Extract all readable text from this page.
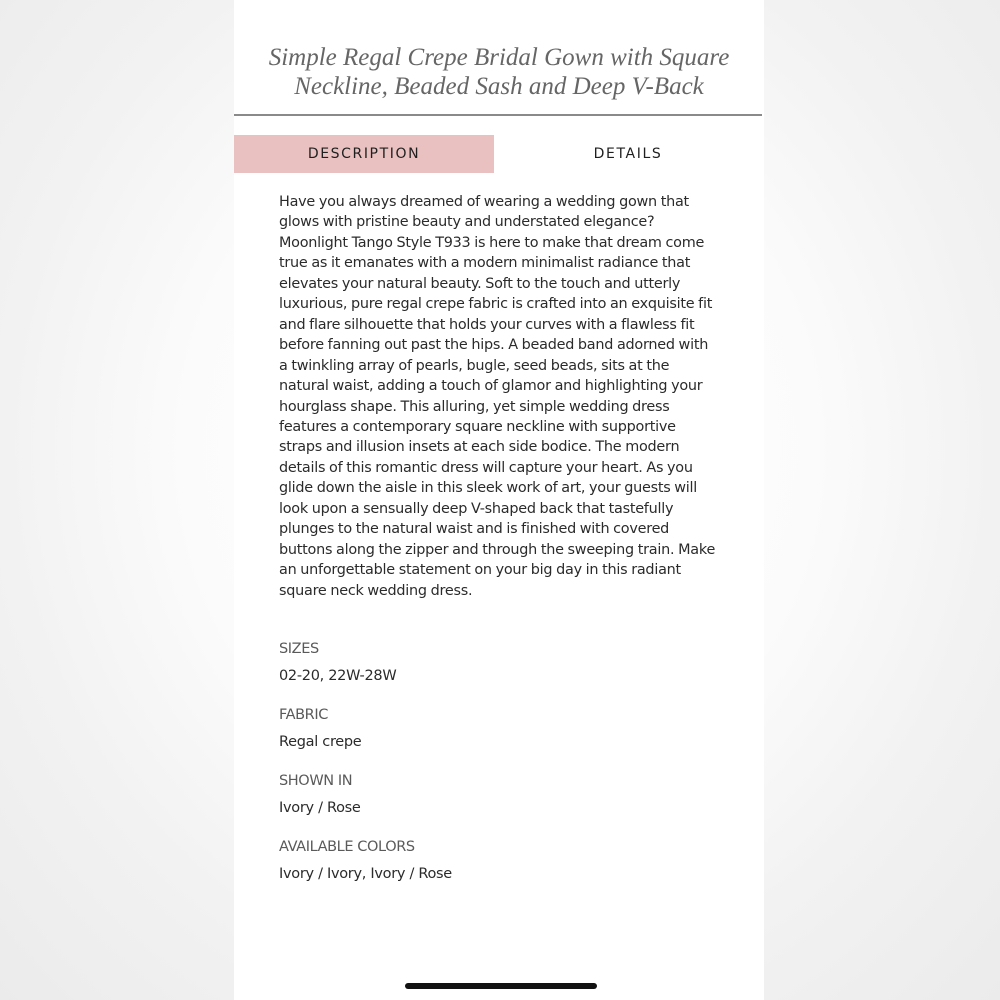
Simple Regal Crepe Bridal Gown with Square Neckline, Beaded Sash and Deep V-Back
DESCRIPTION	DETAILS

Have you always dreamed of wearing a wedding gown that glows with pristine beauty and understated elegance? Moonlight Tango Style T933 is here to make that dream come true as it emanates with a modern minimalist radiance that elevates your natural beauty. Soft to the touch and utterly luxurious, pure regal crepe fabric is crafted into an exquisite fit and flare silhouette that holds your curves with a flawless fit before fanning out past the hips. A beaded band adorned with a twinkling array of pearls, bugle, seed beads, sits at the natural waist, adding a touch of glamor and highlighting your hourglass shape. This alluring, yet simple wedding dress features a contemporary square neckline with supportive straps and illusion insets at each side bodice. The modern details of this romantic dress will capture your heart. As you glide down the aisle in this sleek work of art, your guests will look upon a sensually deep V-shaped back that tastefully plunges to the natural waist and is finished with covered buttons along the zipper and through the sweeping train. Make an unforgettable statement on your big day in this radiant square neck wedding dress.

SIZES

02-20, 22W-28W

FABRIC

Regal crepe

SHOWN IN

Ivory / Rose

AVAILABLE COLORS

Ivory / Ivory, Ivory / Rose
